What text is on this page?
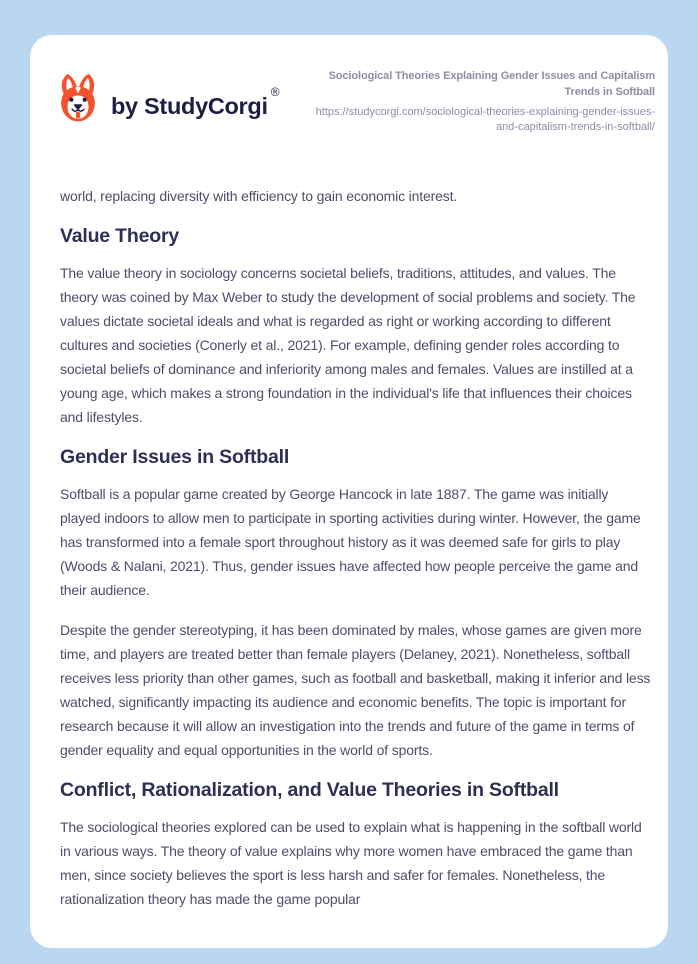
by StudyCorgi®
Sociological Theories Explaining Gender Issues and Capitalism Trends in Softball
https://studycorgi.com/sociological-theories-explaining-gender-issues-and-capitalism-trends-in-softball/

world, replacing diversity with efficiency to gain economic interest.

Value Theory

The value theory in sociology concerns societal beliefs, traditions, attitudes, and values. The theory was coined by Max Weber to study the development of social problems and society. The values dictate societal ideals and what is regarded as right or working according to different cultures and societies (Conerly et al., 2021). For example, defining gender roles according to societal beliefs of dominance and inferiority among males and females. Values are instilled at a young age, which makes a strong foundation in the individual's life that influences their choices and lifestyles.

Gender Issues in Softball

Softball is a popular game created by George Hancock in late 1887. The game was initially played indoors to allow men to participate in sporting activities during winter. However, the game has transformed into a female sport throughout history as it was deemed safe for girls to play (Woods & Nalani, 2021). Thus, gender issues have affected how people perceive the game and their audience.

Despite the gender stereotyping, it has been dominated by males, whose games are given more time, and players are treated better than female players (Delaney, 2021). Nonetheless, softball receives less priority than other games, such as football and basketball, making it inferior and less watched, significantly impacting its audience and economic benefits. The topic is important for research because it will allow an investigation into the trends and future of the game in terms of gender equality and equal opportunities in the world of sports.

Conflict, Rationalization, and Value Theories in Softball

The sociological theories explored can be used to explain what is happening in the softball world in various ways. The theory of value explains why more women have embraced the game than men, since society believes the sport is less harsh and safer for females. Nonetheless, the rationalization theory has made the game popular
